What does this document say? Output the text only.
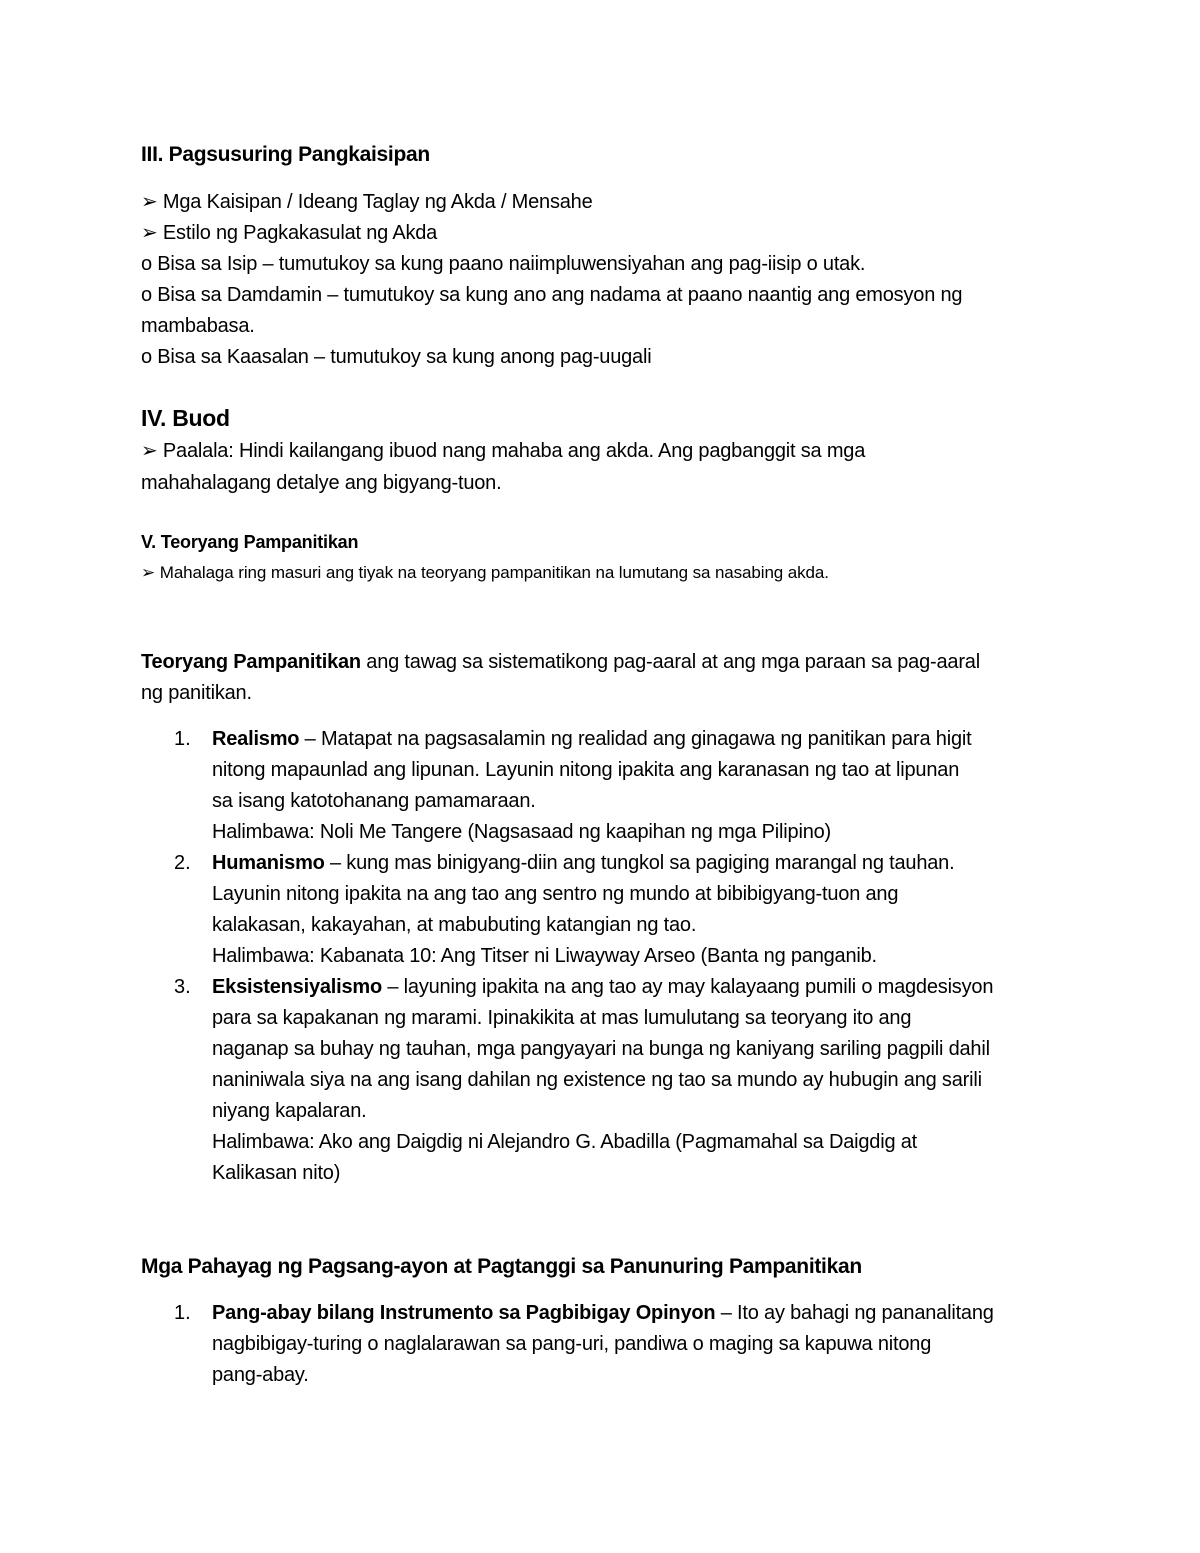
III. Pagsusuring Pangkaisipan
➢ Mga Kaisipan / Ideang Taglay ng Akda / Mensahe
➢ Estilo ng Pagkakasulat ng Akda
o Bisa sa Isip – tumutukoy sa kung paano naiimpluwensiyahan ang pag-iisip o utak.
o Bisa sa Damdamin – tumutukoy sa kung ano ang nadama at paano naantig ang emosyon ng
mambabasa.
o Bisa sa Kaasalan – tumutukoy sa kung anong pag-uugali
IV. Buod
➢ Paalala: Hindi kailangang ibuod nang mahaba ang akda. Ang pagbanggit sa mga
mahahalagang detalye ang bigyang-tuon.
V. Teoryang Pampanitikan
➢ Mahalaga ring masuri ang tiyak na teoryang pampanitikan na lumutang sa nasabing akda.
Teoryang Pampanitikan ang tawag sa sistematikong pag-aaral at ang mga paraan sa pag-aaral
ng panitikan.
1. Realismo – Matapat na pagsasalamin ng realidad ang ginagawa ng panitikan para higit
nitong mapaunlad ang lipunan. Layunin nitong ipakita ang karanasan ng tao at lipunan
sa isang katotohanang pamamaraan.
Halimbawa: Noli Me Tangere (Nagsasaad ng kaapihan ng mga Pilipino)
2. Humanismo – kung mas binigyang-diin ang tungkol sa pagiging marangal ng tauhan.
Layunin nitong ipakita na ang tao ang sentro ng mundo at bibibigyang-tuon ang
kalakasan, kakayahan, at mabubuting katangian ng tao.
Halimbawa: Kabanata 10: Ang Titser ni Liwayway Arseo (Banta ng panganib.
3. Eksistensiyalismo – layuning ipakita na ang tao ay may kalayaang pumili o magdesisyon
para sa kapakanan ng marami. Ipinakikita at mas lumulutang sa teoryang ito ang
naganap sa buhay ng tauhan, mga pangyayari na bunga ng kaniyang sariling pagpili dahil
naniniwala siya na ang isang dahilan ng existence ng tao sa mundo ay hubugin ang sarili
niyang kapalaran.
Halimbawa: Ako ang Daigdig ni Alejandro G. Abadilla (Pagmamahal sa Daigdig at
Kalikasan nito)
Mga Pahayag ng Pagsang-ayon at Pagtanggi sa Panunuring Pampanitikan
1. Pang-abay bilang Instrumento sa Pagbibigay Opinyon – Ito ay bahagi ng pananalitang
nagbibigay-turing o naglalarawan sa pang-uri, pandiwa o maging sa kapuwa nitong
pang-abay.
